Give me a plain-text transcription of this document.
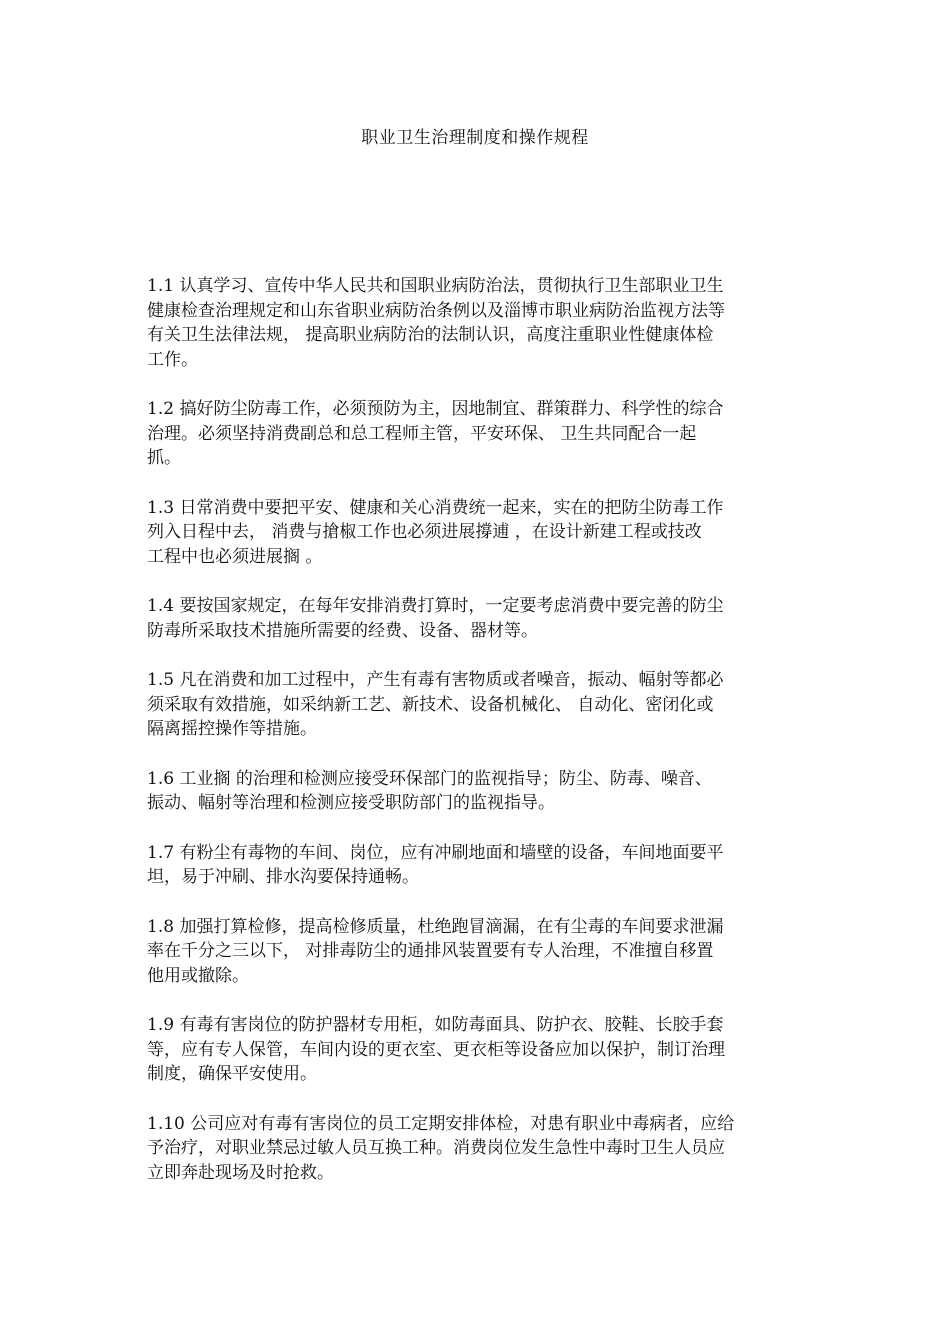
职业卫生治理制度和操作规程
1.1 认真学习、宣传中华人民共和国职业病防治法，贯彻执行卫生部职业卫生
健康检查治理规定和山东省职业病防治条例以及淄博市职业病防治监视方法等
有关卫生法律法规， 提高职业病防治的法制认识，高度注重职业性健康体检
工作。
1.2 搞好防尘防毒工作，必须预防为主，因地制宜、群策群力、科学性的综合
治理。必须坚持消费副总和总工程师主管，平安环保、 卫生共同配合一起
抓。
1.3 日常消费中要把平安、健康和关心消费统一起来，实在的把防尘防毒工作
列入日程中去， 消费与搶椒工作也必须进展撐逋 ，在设计新建工程或技改
工程中也必须进展搁 。
1.4 要按国家规定，在每年安排消费打算时，一定要考虑消费中要完善的防尘
防毒所采取技术措施所需要的经费、设备、器材等。
1.5 凡在消费和加工过程中，产生有毒有害物质或者噪音，振动、幅射等都必
须采取有效措施，如采纳新工艺、新技术、设备机械化、 自动化、密闭化或
隔离摇控操作等措施。
1.6 工业搁 的治理和检测应接受环保部门的监视指导；防尘、防毒、噪音、
振动、幅射等治理和检测应接受职防部门的监视指导。
1.7 有粉尘有毒物的车间、岗位，应有冲刷地面和墙壁的设备，车间地面要平
坦，易于冲刷、排水沟要保持通畅。
1.8 加强打算检修，提高检修质量，杜绝跑冒滴漏，在有尘毒的车间要求泄漏
率在千分之三以下， 对排毒防尘的通排风装置要有专人治理，不准擅自移置
他用或撤除。
1.9 有毒有害岗位的防护器材专用柜，如防毒面具、防护衣、胶鞋、长胶手套
等，应有专人保管，车间内设的更衣室、更衣柜等设备应加以保护，制订治理
制度，确保平安使用。
1.10 公司应对有毒有害岗位的员工定期安排体检，对患有职业中毒病者，应给
予治疗，对职业禁忌过敏人员互换工种。消费岗位发生急性中毒时卫生人员应
立即奔赴现场及时抢救。
